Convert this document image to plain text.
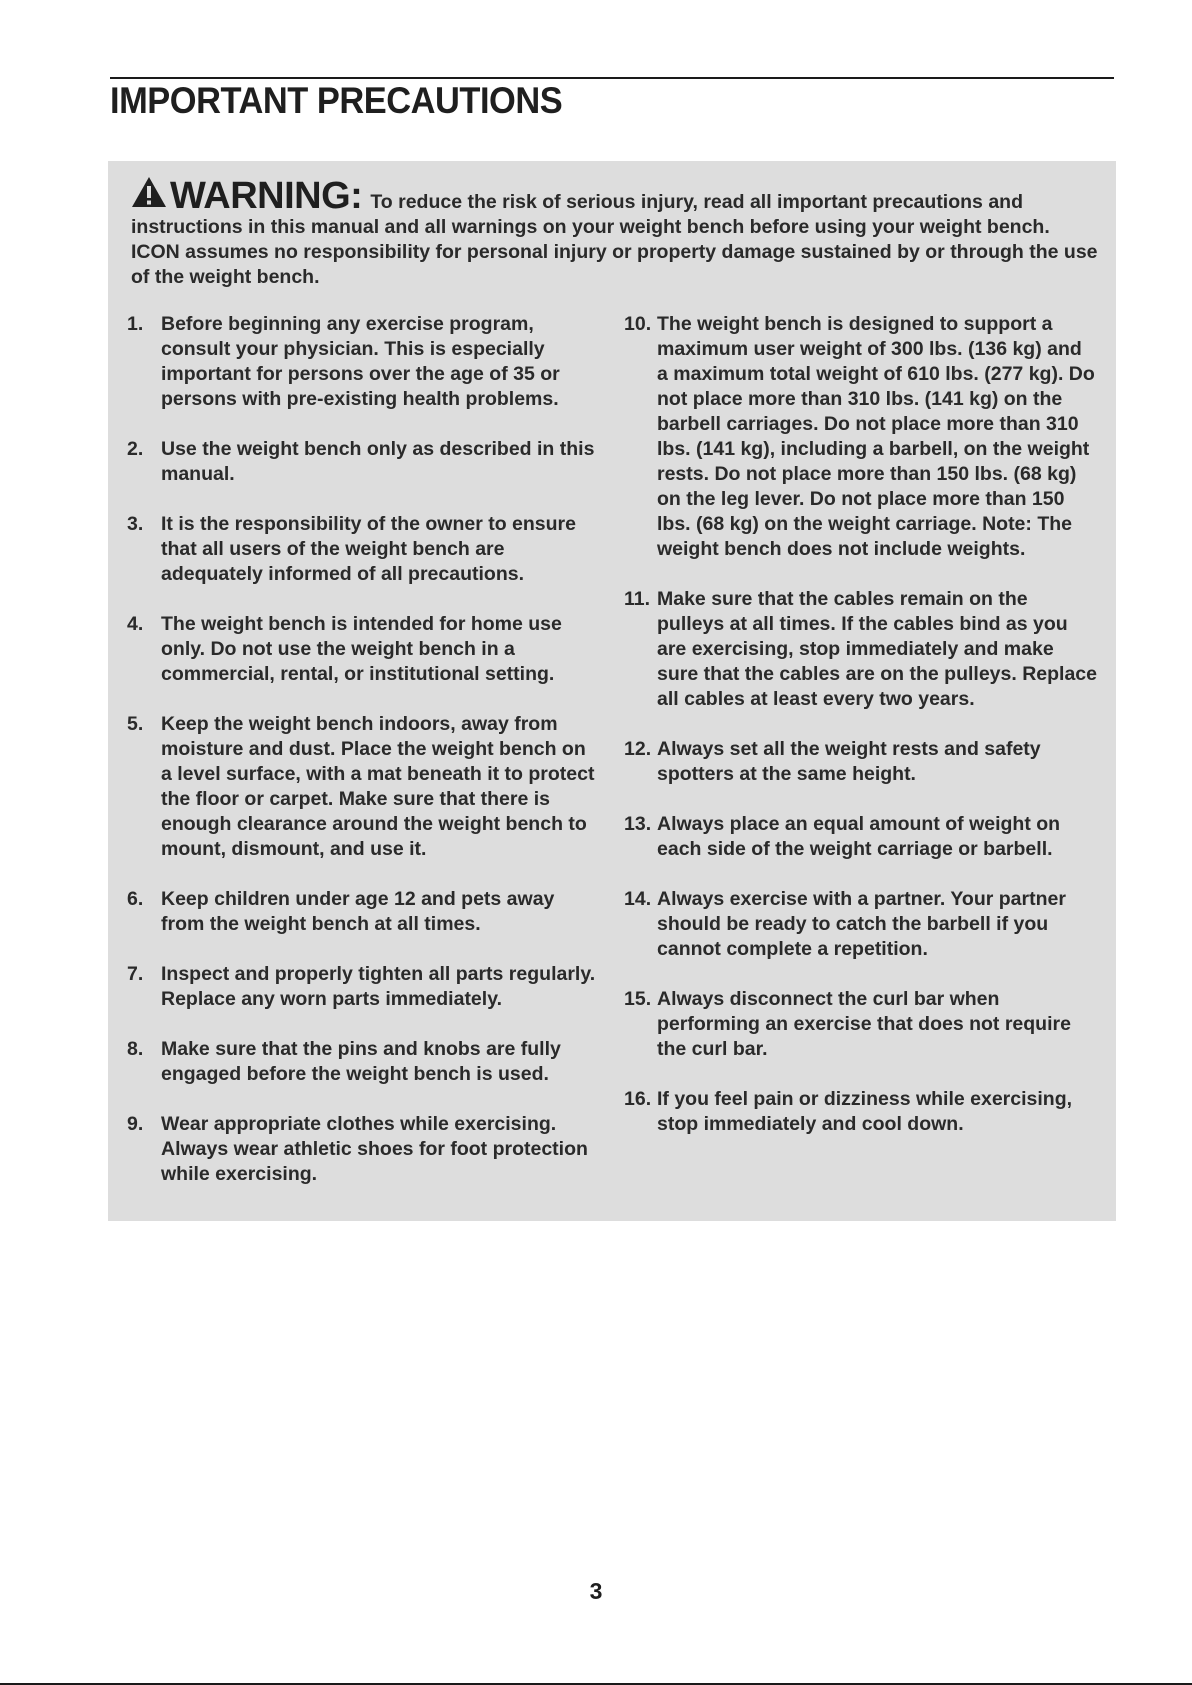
IMPORTANT PRECAUTIONS
WARNING: To reduce the risk of serious injury, read all important precautions and instructions in this manual and all warnings on your weight bench before using your weight bench. ICON assumes no responsibility for personal injury or property damage sustained by or through the use of the weight bench.
1. Before beginning any exercise program, consult your physician. This is especially important for persons over the age of 35 or persons with pre-existing health problems.
2. Use the weight bench only as described in this manual.
3. It is the responsibility of the owner to ensure that all users of the weight bench are adequately informed of all precautions.
4. The weight bench is intended for home use only. Do not use the weight bench in a commercial, rental, or institutional setting.
5. Keep the weight bench indoors, away from moisture and dust. Place the weight bench on a level surface, with a mat beneath it to protect the floor or carpet. Make sure that there is enough clearance around the weight bench to mount, dismount, and use it.
6. Keep children under age 12 and pets away from the weight bench at all times.
7. Inspect and properly tighten all parts regularly. Replace any worn parts immediately.
8. Make sure that the pins and knobs are fully engaged before the weight bench is used.
9. Wear appropriate clothes while exercising. Always wear athletic shoes for foot protection while exercising.
10. The weight bench is designed to support a maximum user weight of 300 lbs. (136 kg) and a maximum total weight of 610 lbs. (277 kg). Do not place more than 310 lbs. (141 kg) on the barbell carriages. Do not place more than 310 lbs. (141 kg), including a barbell, on the weight rests. Do not place more than 150 lbs. (68 kg) on the leg lever. Do not place more than 150 lbs. (68 kg) on the weight carriage. Note: The weight bench does not include weights.
11. Make sure that the cables remain on the pulleys at all times. If the cables bind as you are exercising, stop immediately and make sure that the cables are on the pulleys. Replace all cables at least every two years.
12. Always set all the weight rests and safety spotters at the same height.
13. Always place an equal amount of weight on each side of the weight carriage or barbell.
14. Always exercise with a partner. Your partner should be ready to catch the barbell if you cannot complete a repetition.
15. Always disconnect the curl bar when performing an exercise that does not require the curl bar.
16. If you feel pain or dizziness while exercising, stop immediately and cool down.
3
